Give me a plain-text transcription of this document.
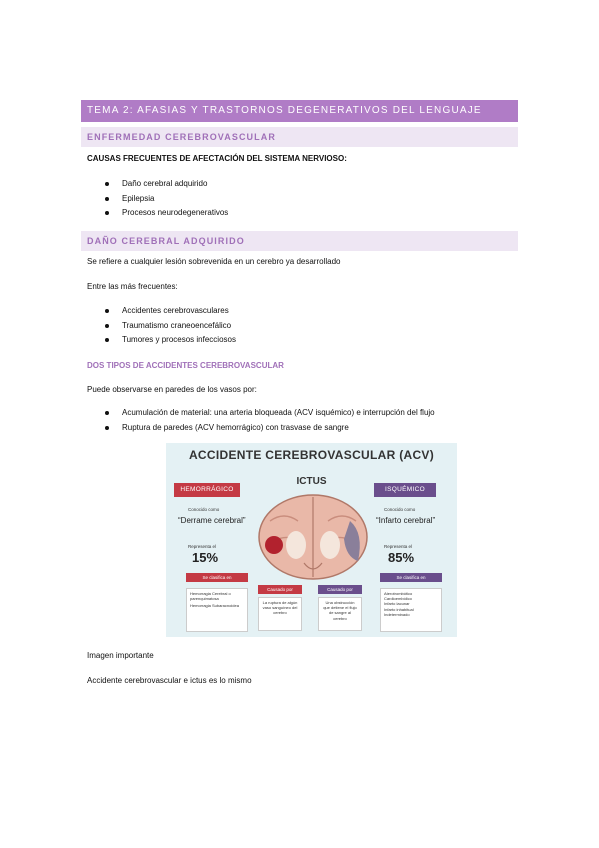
TEMA 2: AFASIAS Y TRASTORNOS DEGENERATIVOS DEL LENGUAJE
ENFERMEDAD CEREBROVASCULAR
CAUSAS FRECUENTES DE AFECTACIÓN DEL SISTEMA NERVIOSO:
Daño cerebral adquirido
Epilepsia
Procesos neurodegenerativos
DAÑO CEREBRAL ADQUIRIDO
Se refiere a cualquier lesión sobrevenida en un cerebro ya desarrollado
Entre las más frecuentes:
Accidentes cerebrovasculares
Traumatismo craneoencefálico
Tumores y procesos infecciosos
DOS TIPOS DE ACCIDENTES CEREBROVASCULAR
Puede observarse en paredes de los vasos por:
Acumulación de material: una arteria bloqueada (ACV isquémico) e interrupción del flujo
Ruptura de paredes (ACV hemorrágico) con trasvase de sangre
ACCIDENTE CEREBROVASCULAR (ACV)
ICTUS
HEMORRÁGICO	ISQUÉMICO
Conocido como
“Derrame cerebral”
Representa el
15%
Se clasifica en
Hemorragia Cerebral o parenquimatosa
Hemorragia Subaracnoidea
Causado por	Causado por
La ruptura de algún vaso sanguíneo del cerebro
Una obstrucción que detiene el flujo de sangre al cerebro
Conocido como
“Infarto cerebral”
Representa el
85%
Se clasifica en
Aterotrombótico
Cardioembólico
Infarto lacunar
Infarto inhabitual
Indeterminado
Imagen importante
Accidente cerebrovascular e ictus es lo mismo
